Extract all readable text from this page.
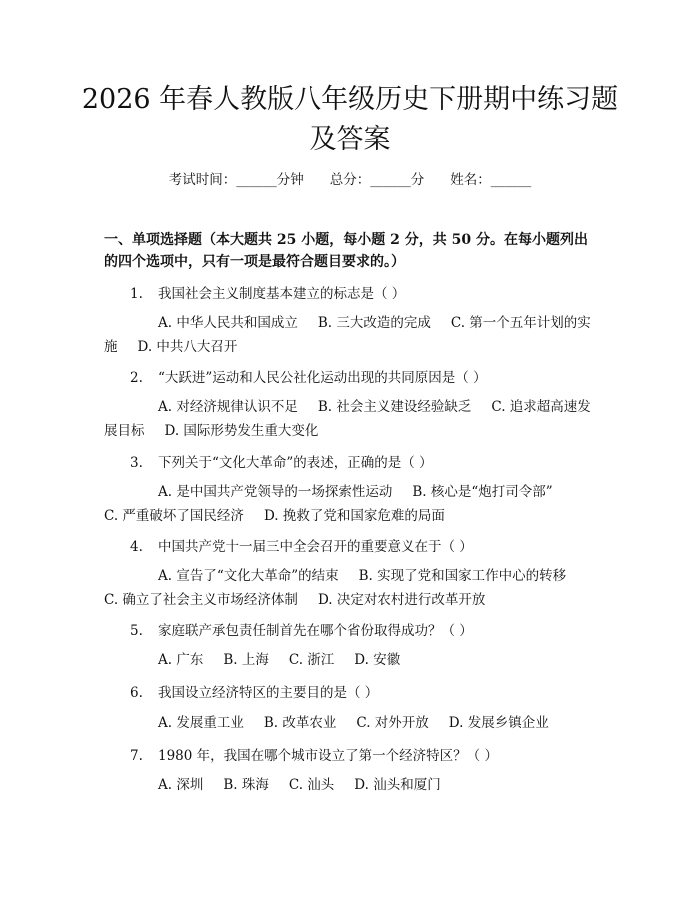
2026 年春人教版八年级历史下册期中练习题
及答案
考试时间：______分钟 总分：______分 姓名：______
一、单项选择题（本大题共 25 小题，每小题 2 分，共 50 分。在每小题列出的四个选项中，只有一项是最符合题目要求的。）
1. 我国社会主义制度基本建立的标志是（ ）
A. 中华人民共和国成立 B. 三大改造的完成 C. 第一个五年计划的实施 D. 中共八大召开
2. “大跃进”运动和人民公社化运动出现的共同原因是（ ）
A. 对经济规律认识不足 B. 社会主义建设经验缺乏 C. 追求超高速发展目标 D. 国际形势发生重大变化
3. 下列关于“文化大革命”的表述，正确的是（ ）
A. 是中国共产党领导的一场探索性运动 B. 核心是“炮打司令部”C. 严重破坏了国民经济 D. 挽救了党和国家危难的局面
4. 中国共产党十一届三中全会召开的重要意义在于（ ）
A. 宣告了“文化大革命”的结束 B. 实现了党和国家工作中心的转移C. 确立了社会主义市场经济体制 D. 决定对农村进行改革开放
5. 家庭联产承包责任制首先在哪个省份取得成功？（ ）
A. 广东 B. 上海 C. 浙江 D. 安徽
6. 我国设立经济特区的主要目的是（ ）
A. 发展重工业 B. 改革农业 C. 对外开放 D. 发展乡镇企业
7. 1980 年，我国在哪个城市设立了第一个经济特区？（ ）
A. 深圳 B. 珠海 C. 汕头 D. 汕头和厦门
